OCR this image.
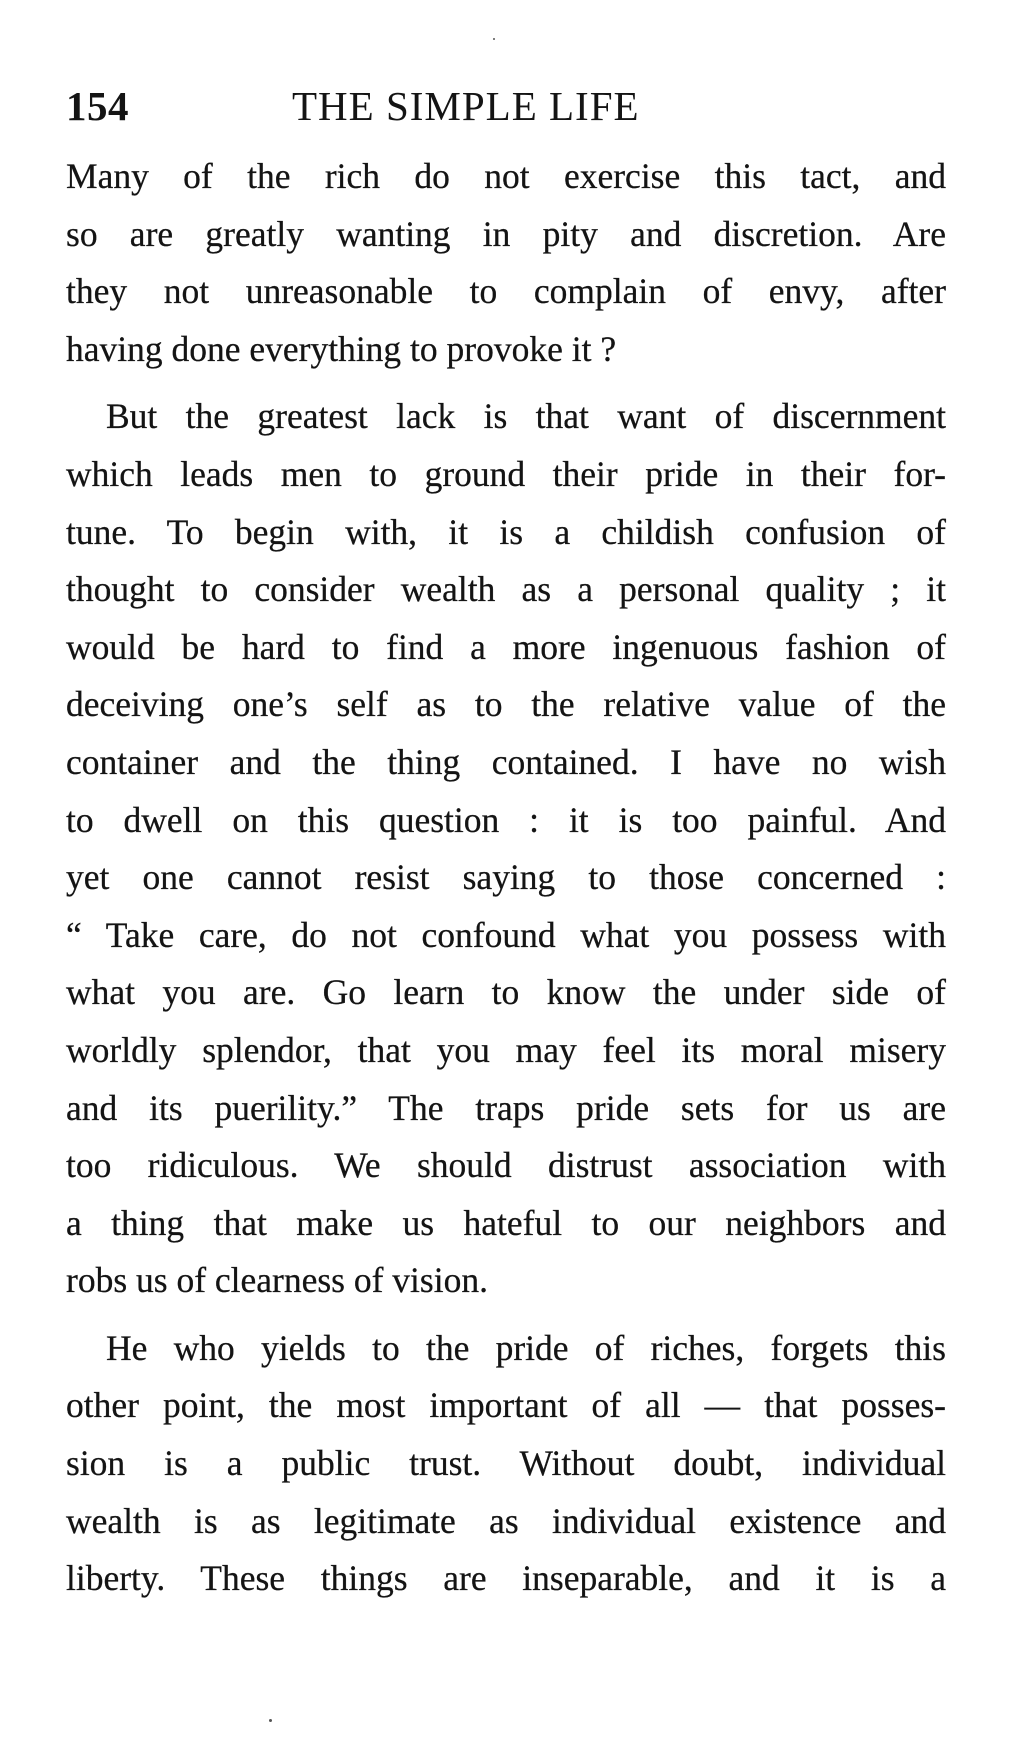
154	THE SIMPLE LIFE
Many of the rich do not exercise this tact, and
so are greatly wanting in pity and discretion. Are
they not unreasonable to complain of envy, after
having done everything to provoke it ?
But the greatest lack is that want of discernment
which leads men to ground their pride in their for-
tune. To begin with, it is a childish confusion of
thought to consider wealth as a personal quality ; it
would be hard to find a more ingenuous fashion of
deceiving one’s self as to the relative value of the
container and the thing contained. I have no wish
to dwell on this question : it is too painful. And
yet one cannot resist saying to those concerned :
“ Take care, do not confound what you possess with
what you are. Go learn to know the under side of
worldly splendor, that you may feel its moral misery
and its puerility.” The traps pride sets for us are
too ridiculous. We should distrust association with
a thing that make us hateful to our neighbors and
robs us of clearness of vision.
He who yields to the pride of riches, forgets this
other point, the most important of all — that posses-
sion is a public trust. Without doubt, individual
wealth is as legitimate as individual existence and
liberty. These things are inseparable, and it is a
